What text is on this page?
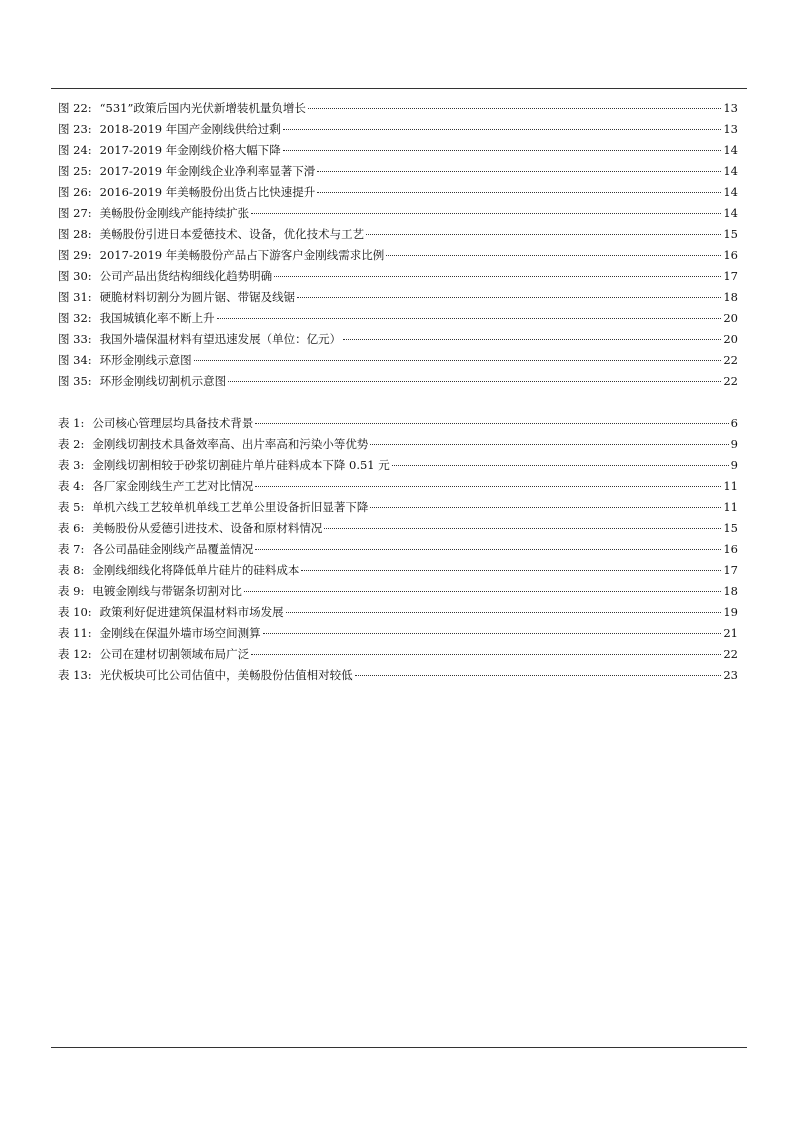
图 22: “531”政策后国内光伏新增装机量负增长	13
图 23: 2018-2019 年国产金刚线供给过剩	13
图 24: 2017-2019 年金刚线价格大幅下降	14
图 25: 2017-2019 年金刚线企业净利率显著下滑	14
图 26: 2016-2019 年美畅股份出货占比快速提升	14
图 27: 美畅股份金刚线产能持续扩张	14
图 28: 美畅股份引进日本爱德技术、设备，优化技术与工艺	15
图 29: 2017-2019 年美畅股份产品占下游客户金刚线需求比例	16
图 30: 公司产品出货结构细线化趋势明确	17
图 31: 硬脆材料切割分为圆片锯、带锯及线锯	18
图 32: 我国城镇化率不断上升	20
图 33: 我国外墙保温材料有望迅速发展（单位：亿元）	20
图 34: 环形金刚线示意图	22
图 35: 环形金刚线切割机示意图	22
表 1: 公司核心管理层均具备技术背景	6
表 2: 金刚线切割技术具备效率高、出片率高和污染小等优势	9
表 3: 金刚线切割相较于砂浆切割硅片单片硅料成本下降 0.51 元	9
表 4: 各厂家金刚线生产工艺对比情况	11
表 5: 单机六线工艺较单机单线工艺单公里设备折旧显著下降	11
表 6: 美畅股份从爱德引进技术、设备和原材料情况	15
表 7: 各公司晶硅金刚线产品覆盖情况	16
表 8: 金刚线细线化将降低单片硅片的硅料成本	17
表 9: 电镀金刚线与带锯条切割对比	18
表 10: 政策利好促进建筑保温材料市场发展	19
表 11: 金刚线在保温外墙市场空间测算	21
表 12: 公司在建材切割领域布局广泛	22
表 13: 光伏板块可比公司估值中，美畅股份估值相对较低	23
